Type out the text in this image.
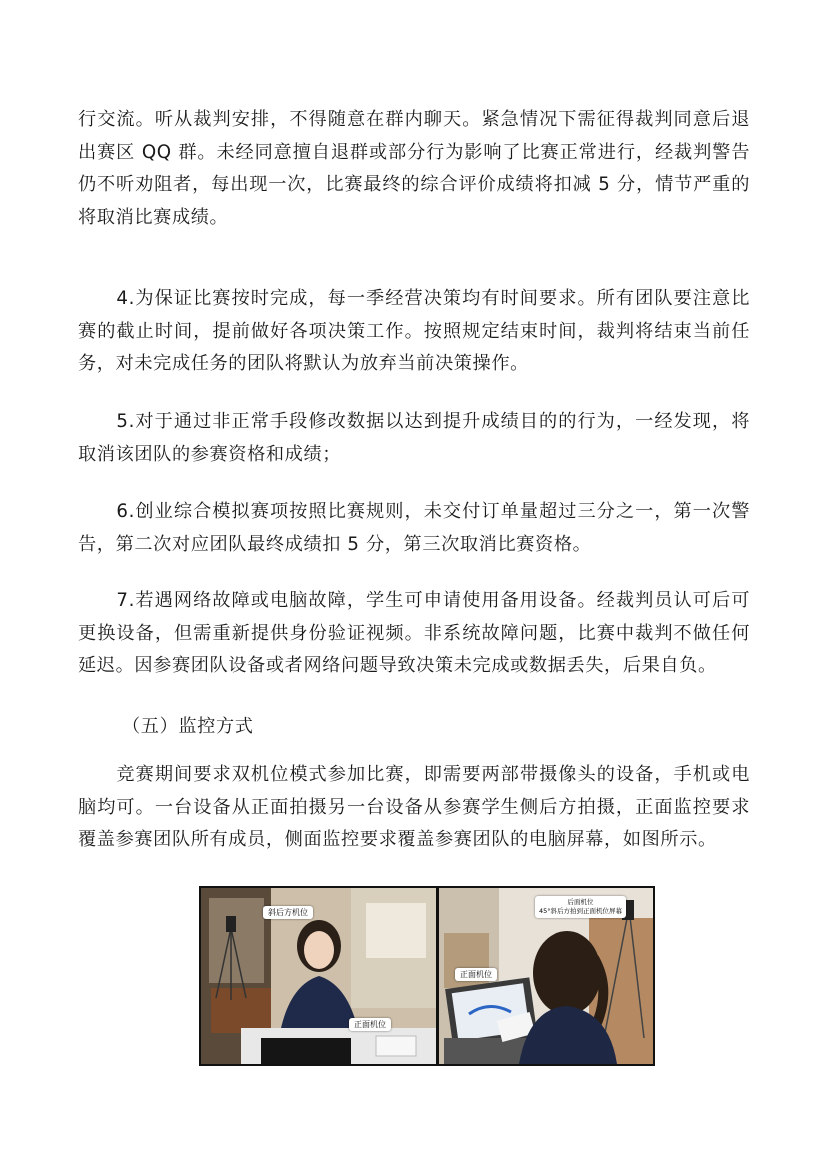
行交流。听从裁判安排，不得随意在群内聊天。紧急情况下需征得裁判同意后退出赛区 QQ 群。未经同意擅自退群或部分行为影响了比赛正常进行，经裁判警告仍不听劝阻者，每出现一次，比赛最终的综合评价成绩将扣减 5 分，情节严重的将取消比赛成绩。

　　4.为保证比赛按时完成，每一季经营决策均有时间要求。所有团队要注意比赛的截止时间，提前做好各项决策工作。按照规定结束时间，裁判将结束当前任务，对未完成任务的团队将默认为放弃当前决策操作。

　　5.对于通过非正常手段修改数据以达到提升成绩目的的行为，一经发现，将取消该团队的参赛资格和成绩；

　　6.创业综合模拟赛项按照比赛规则，未交付订单量超过三分之一，第一次警告，第二次对应团队最终成绩扣 5 分，第三次取消比赛资格。

　　7.若遇网络故障或电脑故障，学生可申请使用备用设备。经裁判员认可后可更换设备，但需重新提供身份验证视频。非系统故障问题，比赛中裁判不做任何延迟。因参赛团队设备或者网络问题导致决策未完成或数据丢失，后果自负。

（五）监控方式

　　竞赛期间要求双机位模式参加比赛，即需要两部带摄像头的设备，手机或电脑均可。一台设备从正面拍摄另一台设备从参赛学生侧后方拍摄，正面监控要求覆盖参赛团队所有成员，侧面监控要求覆盖参赛团队的电脑屏幕，如图所示。

斜后方机位
正面机位
后面机位
45°斜后方拍到正面机位屏幕
正面机位
